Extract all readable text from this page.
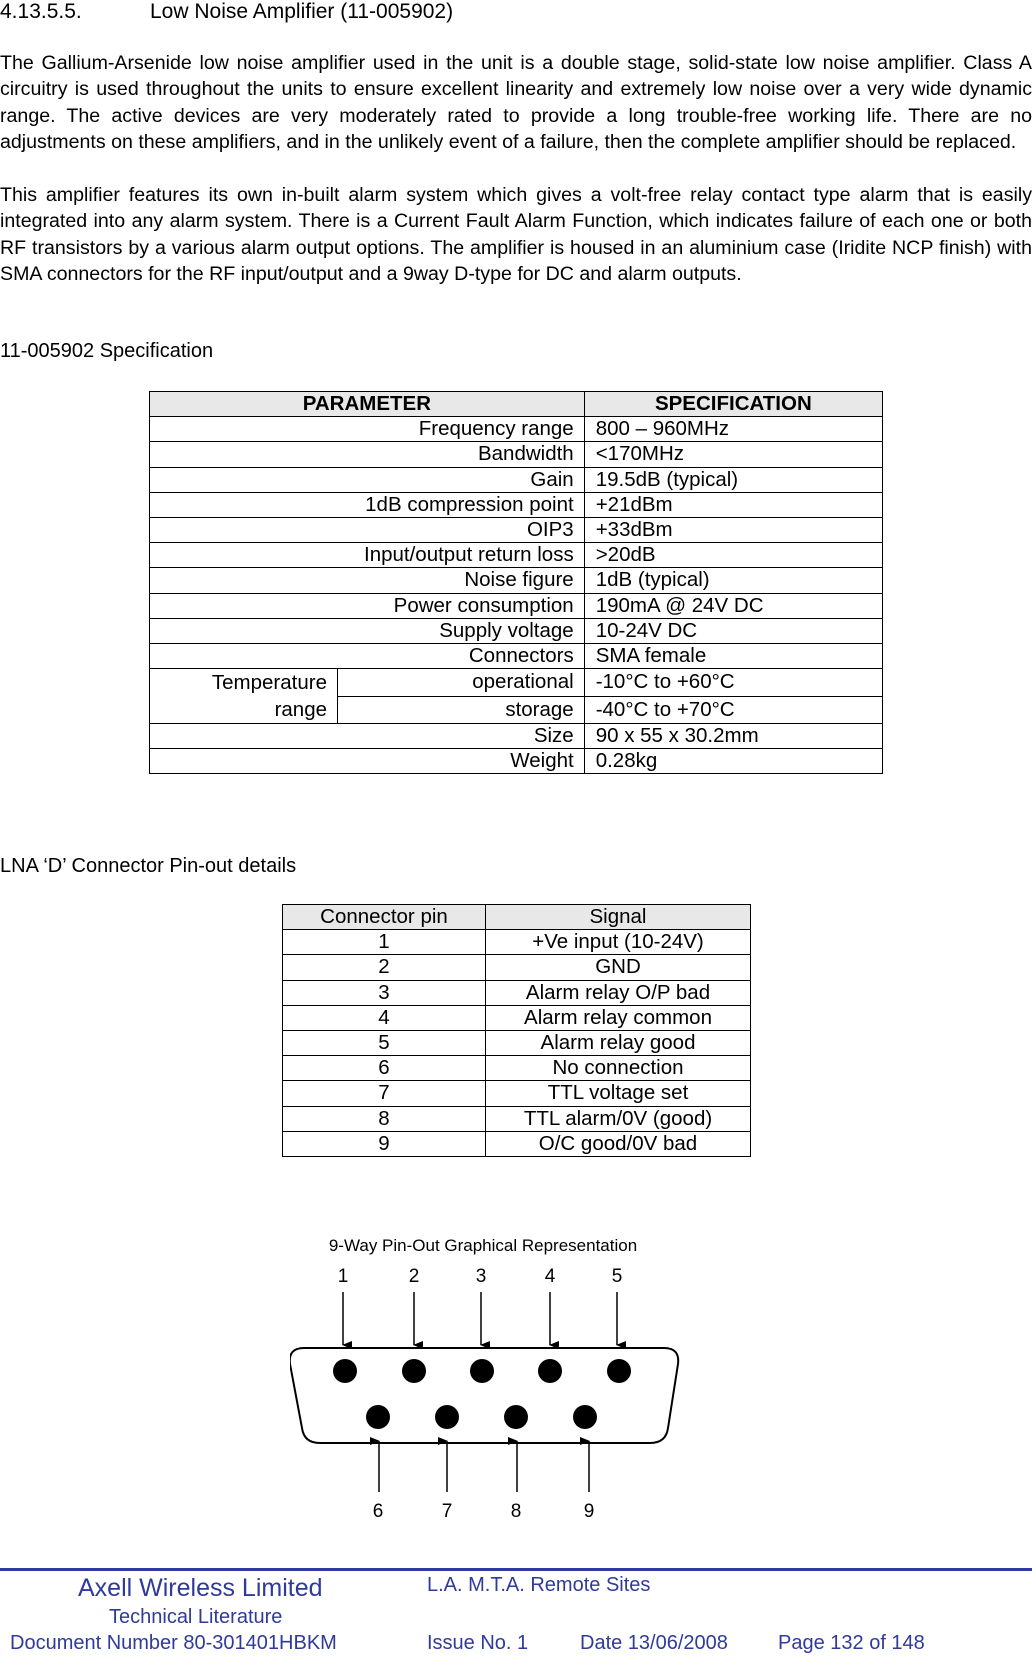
4.13.5.5.	Low Noise Amplifier (11-005902)

The Gallium-Arsenide low noise amplifier used in the unit is a double stage, solid-state low noise amplifier. Class A circuitry is used throughout the units to ensure excellent linearity and extremely low noise over a very wide dynamic range. The active devices are very moderately rated to provide a long trouble-free working life. There are no adjustments on these amplifiers, and in the unlikely event of a failure, then the complete amplifier should be replaced.

This amplifier features its own in-built alarm system which gives a volt-free relay contact type alarm that is easily integrated into any alarm system. There is a Current Fault Alarm Function, which indicates failure of each one or both RF transistors by a various alarm output options. The amplifier is housed in an aluminium case (Iridite NCP finish) with SMA connectors for the RF input/output and a 9way D-type for DC and alarm outputs.

11-005902 Specification
PARAMETER		SPECIFICATION
Frequency range		800 – 960MHz
Bandwidth		<170MHz
Gain		19.5dB (typical)
1dB compression point		+21dBm
OIP3		+33dBm
Input/output return loss		>20dB
Noise figure		1dB (typical)
Power consumption		190mA @ 24V DC
Supply voltage		10-24V DC
Connectors		SMA female
Temperature
range	operational	-10°C to +60°C
	storage	-40°C to +70°C
Size		90 x 55 x 30.2mm
Weight		0.28kg
LNA ‘D’ Connector Pin-out details
Connector pin	Signal
1	+Ve input (10-24V)
2	GND
3	Alarm relay O/P bad
4	Alarm relay common
5	Alarm relay good
6	No connection
7	TTL voltage set
8	TTL alarm/0V (good)
9	O/C good/0V bad
9-Way Pin-Out Graphical Representation
1	2	3	4	5
6	7	8	9
Axell Wireless Limited
Technical Literature
L.A. M.T.A. Remote Sites
Document Number 80-301401HBKM	Issue No. 1	Date 13/06/2008	Page 132 of 148
